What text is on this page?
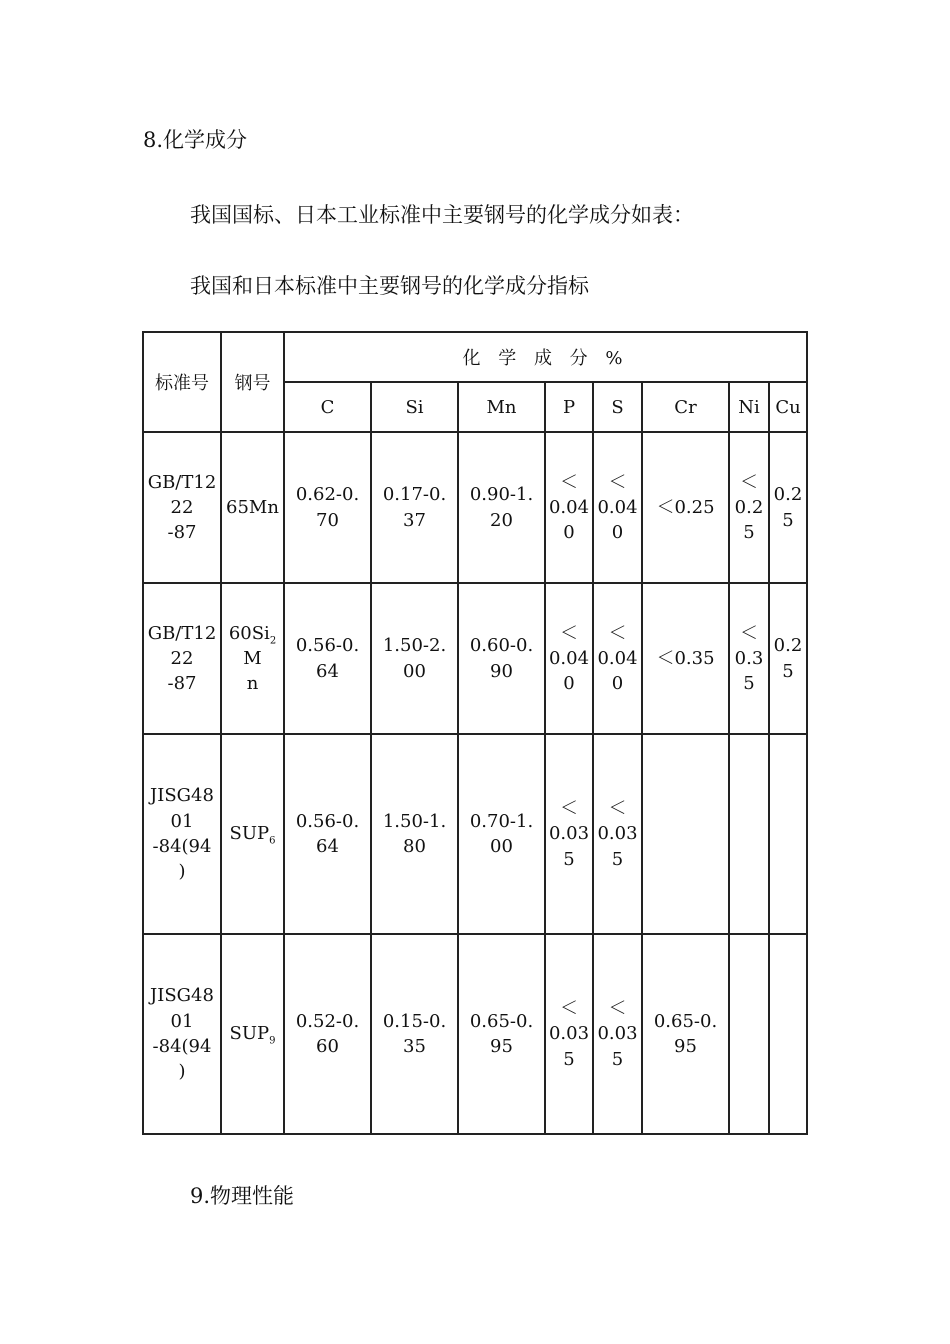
8.化学成分
我国国标、日本工业标准中主要钢号的化学成分如表：
我国和日本标准中主要钢号的化学成分指标
标准号	钢号	化 学 成 分 %							
		C	Si	Mn	P	S	Cr	Ni	Cu

GB/T12
22
-87	65Mn	0.62-0.
70	0.17-0.
37	0.90-1.
20	＜
0.04
0	＜
0.04
0	＜0.25	＜
0.2
5	0.2
5

GB/T12
22
-87	$60Si_2M$
n	0.56-0.
64	1.50-2.
00	0.60-0.
90	＜
0.04
0	＜
0.04
0	＜0.35	＜
0.3
5	0.2
5

JISG48
01
-84(94
)	$SUP_6$	0.56-0.
64	1.50-1.
80	0.70-1.
00	＜
0.03
5	＜
0.03
5			

JISG48
01
-84(94
)	$SUP_9$	0.52-0.
60	0.15-0.
35	0.65-0.
95	＜
0.03
5	＜
0.03
5	0.65-0.
95		

9.物理性能
